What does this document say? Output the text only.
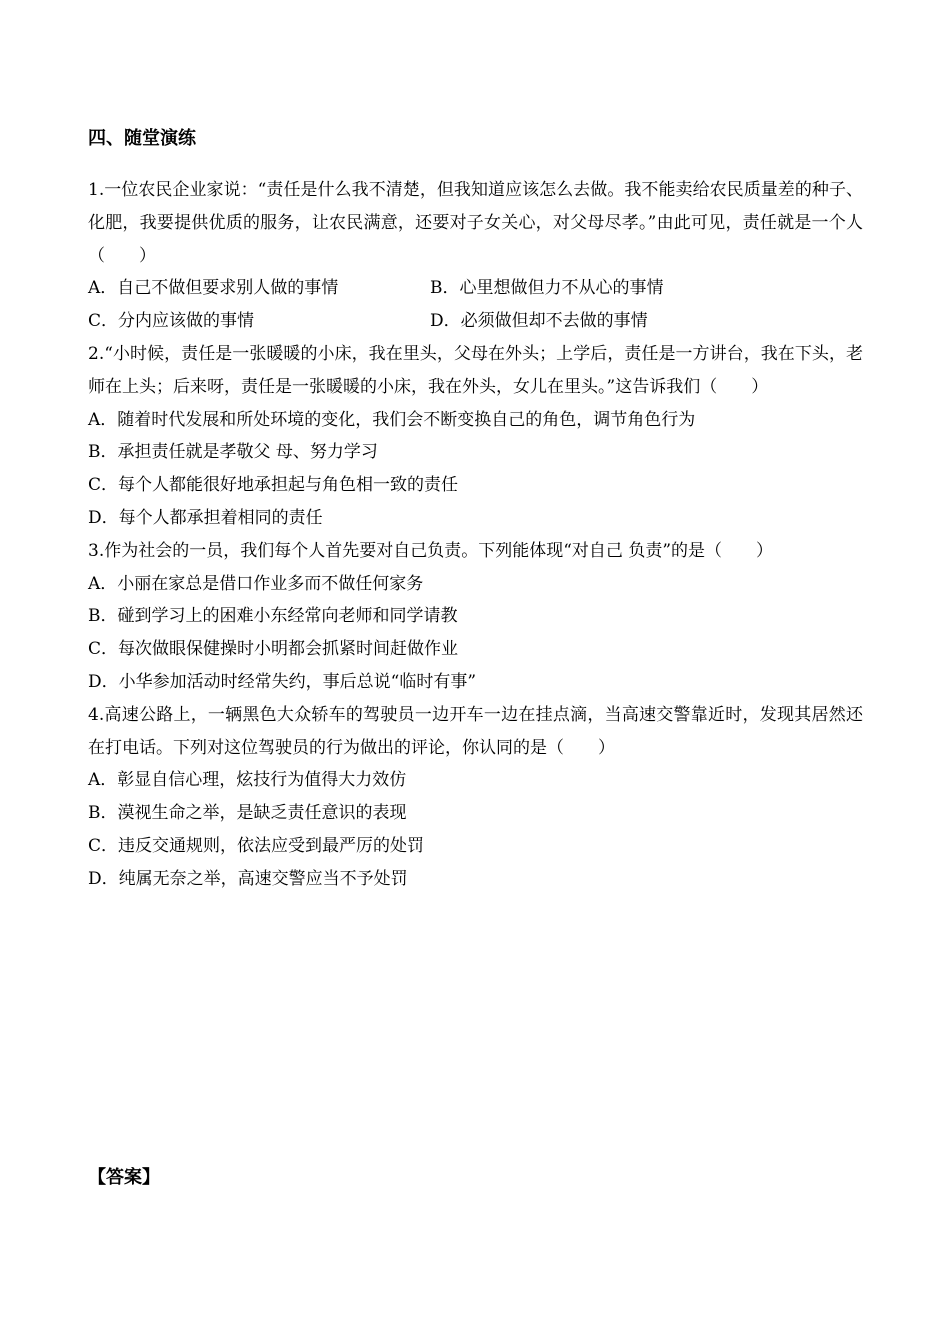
四、随堂演练

1.一位农民企业家说：“责任是什么我不清楚，但我知道应该怎么去做。我不能卖给农民质量差的种子、化肥，我要提供优质的服务，让农民满意，还要对子女关心，对父母尽孝。”由此可见，责任就是一个人（　　）

A．自己不做但要求别人做的事情	B．心里想做但力不从心的事情

C．分内应该做的事情	D．必须做但却不去做的事情

2.“小时候，责任是一张暖暖的小床，我在里头，父母在外头；上学后，责任是一方讲台，我在下头，老师在上头；后来呀，责任是一张暖暖的小床，我在外头，女儿在里头。”这告诉我们（　　）

A．随着时代发展和所处环境的变化，我们会不断变换自己的角色，调节角色行为

B．承担责任就是孝敬父 母、努力学习

C．每个人都能很好地承担起与角色相一致的责任

D．每个人都承担着相同的责任

3.作为社会的一员，我们每个人首先要对自己负责。下列能体现“对自己 负责”的是（　　）

A．小丽在家总是借口作业多而不做任何家务

B．碰到学习上的困难小东经常向老师和同学请教

C．每次做眼保健操时小明都会抓紧时间赶做作业

D．小华参加活动时经常失约，事后总说“临时有事”

4.高速公路上，一辆黑色大众轿车的驾驶员一边开车一边在挂点滴，当高速交警靠近时，发现其居然还在打电话。下列对这位驾驶员的行为做出的评论，你认同的是（　　）

A．彰显自信心理，炫技行为值得大力效仿

B．漠视生命之举，是缺乏责任意识的表现

C．违反交通规则，依法应受到最严厉的处罚

D．纯属无奈之举，高速交警应当不予处罚

【答案】
